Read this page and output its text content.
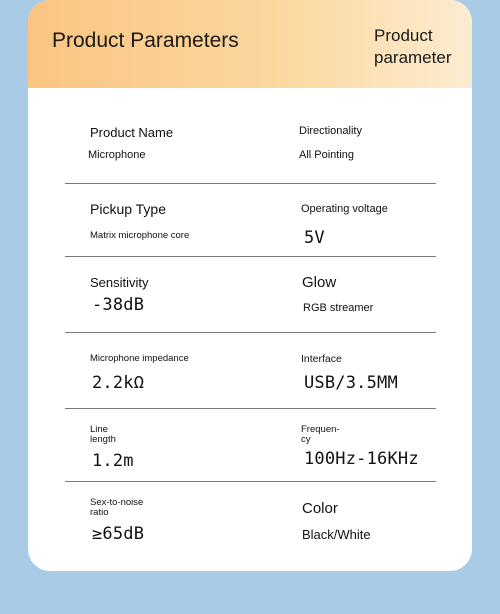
Product Parameters	Product
parameter
Product Name
Microphone
Directionality
All Pointing
Pickup Type
Matrix microphone core
Operating voltage
5V
Sensitivity
-38dB
Glow
RGB streamer
Microphone impedance
2.2kΩ
Interface
USB/3.5MM
Line
length
1.2m
Frequen-
cy
100Hz-16KHz
Sex-to-noise
ratio
≥65dB
Color
Black/White
